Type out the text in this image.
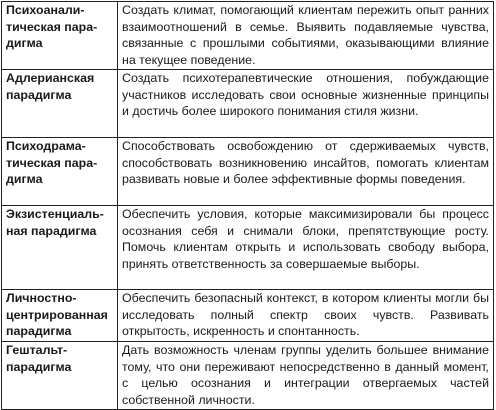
Психоаналитическая парадигма	Создать климат, помогающий клиентам пережить опыт ранних взаимоотношений в семье. Выявить подавляемые чувства, связанные с прошлыми событиями, оказывающими влияние на текущее поведение.
Адлерианская парадигма	Создать психотерапевтические отношения, побуждающие участников исследовать свои основные жизненные принципы и достичь более широкого понимания стиля жизни.
Психодраматическая парадигма	Способствовать освобождению от сдерживаемых чувств, способствовать возникновению инсайтов, помогать клиентам развивать новые и более эффективные формы поведения.
Экзистенциальная парадигма	Обеспечить условия, которые максимизировали бы процесс осознания себя и снимали блоки, препятствующие росту. Помочь клиентам открыть и использовать свободу выбора, принять ответственность за совершаемые выборы.
Личностно-центрированная парадигма	Обеспечить безопасный контекст, в котором клиенты могли бы исследовать полный спектр своих чувств. Развивать открытость, искренность и спонтанность.
Гештальт-парадигма	Дать возможность членам группы уделить большее внимание тому, что они переживают непосредственно в данный момент, с целью осознания и интеграции отвергаемых частей собственной личности.
